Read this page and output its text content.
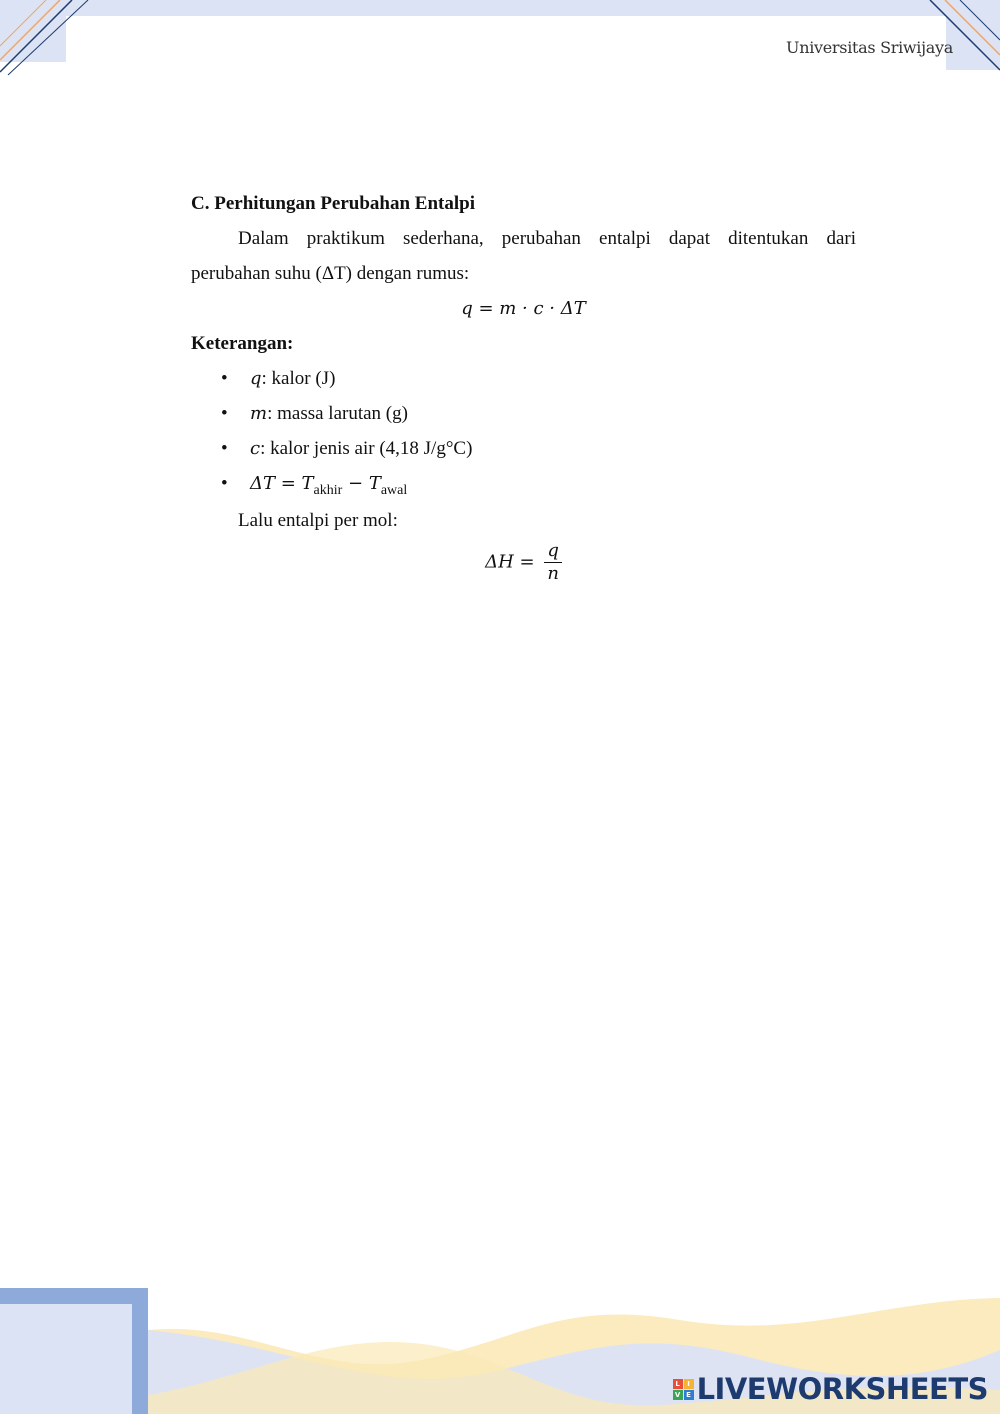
Universitas Sriwijaya

C. Perhitungan Perubahan Entalpi

Dalam praktikum sederhana, perubahan entalpi dapat ditentukan dari

perubahan suhu (ΔT) dengan rumus:

q = m · c · ΔT

Keterangan:

• q: kalor (J)
• m: massa larutan (g)
• c: kalor jenis air (4,18 J/g°C)
• $\Delta T = T_{akhir} - T_{awal}$

Lalu entalpi per mol:

$\Delta H = \frac{q}{n}$
L	I
V E LIVEWORKSHEETS
